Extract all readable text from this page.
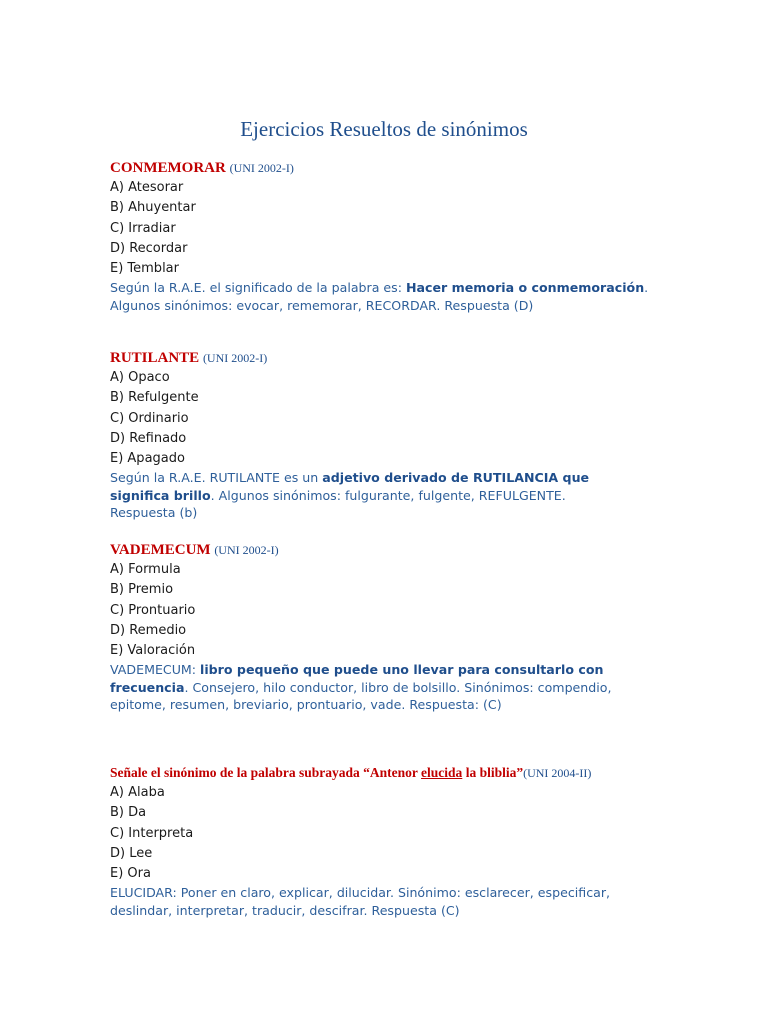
Ejercicios Resueltos de sinónimos
CONMEMORAR (UNI 2002-I)
A) Atesorar
B) Ahuyentar
C) Irradiar
D) Recordar
E) Temblar
Según la R.A.E. el significado de la palabra es: Hacer memoria o conmemoración.
Algunos sinónimos: evocar, rememorar, RECORDAR. Respuesta (D)
RUTILANTE (UNI 2002-I)
A) Opaco
B) Refulgente
C) Ordinario
D) Refinado
E) Apagado
Según la R.A.E. RUTILANTE es un adjetivo derivado de RUTILANCIA que significa brillo. Algunos sinónimos: fulgurante, fulgente, REFULGENTE.
Respuesta (b)
VADEMECUM (UNI 2002-I)
A) Formula
B) Premio
C) Prontuario
D) Remedio
E) Valoración
VADEMECUM: libro pequeño que puede uno llevar para consultarlo con frecuencia. Consejero, hilo conductor, libro de bolsillo. Sinónimos: compendio, epitome, resumen, breviario, prontuario, vade. Respuesta: (C)
Señale el sinónimo de la palabra subrayada “Antenor elucida la bliblia”(UNI 2004-II)
A) Alaba
B) Da
C) Interpreta
D) Lee
E) Ora
ELUCIDAR: Poner en claro, explicar, dilucidar. Sinónimo: esclarecer, especificar, deslindar, interpretar, traducir, descifrar. Respuesta (C)
